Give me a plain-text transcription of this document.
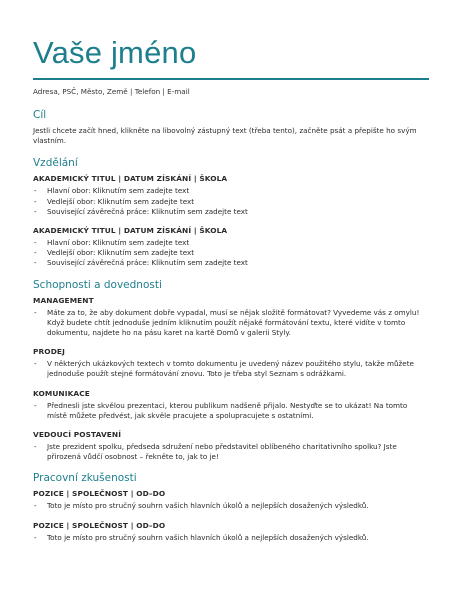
Vaše jméno
Adresa, PSČ, Město, Země | Telefon | E-mail
Cíl

Jestli chcete začít hned, klikněte na libovolný zástupný text (třeba tento), začněte psát a přepište ho svým vlastním.

Vzdělání
AKADEMICKÝ TITUL | DATUM ZÍSKÁNÍ | ŠKOLA
- Hlavní obor: Kliknutím sem zadejte text
- Vedlejší obor: Kliknutím sem zadejte text
- Související závěrečná práce: Kliknutím sem zadejte text
AKADEMICKÝ TITUL | DATUM ZÍSKÁNÍ | ŠKOLA
- Hlavní obor: Kliknutím sem zadejte text
- Vedlejší obor: Kliknutím sem zadejte text
- Související závěrečná práce: Kliknutím sem zadejte text
Schopnosti a dovednosti
MANAGEMENT
- Máte za to, že aby dokument dobře vypadal, musí se nějak složitě formátovat? Vyvedeme vás z omylu! Když budete chtít jednoduše jedním kliknutím použít nějaké formátování textu, které vidíte v tomto dokumentu, najdete ho na pásu karet na kartě Domů v galerii Styly.
PRODEJ
- V některých ukázkových textech v tomto dokumentu je uvedený název použitého stylu, takže můžete jednoduše použít stejné formátování znovu. Toto je třeba styl Seznam s odrážkami.
KOMUNIKACE
- Přednesli jste skvělou prezentaci, kterou publikum nadšeně přijalo. Nestyďte se to ukázat! Na tomto místě můžete předvést, jak skvěle pracujete a spolupracujete s ostatními.
VEDOUCÍ POSTAVENÍ
- Jste prezident spolku, předseda sdružení nebo představitel oblíbeného charitativního spolku? Jste přirozená vůdčí osobnost – řekněte to, jak to je!
Pracovní zkušenosti
POZICE | SPOLEČNOST | OD–DO
- Toto je místo pro stručný souhrn vašich hlavních úkolů a nejlepších dosažených výsledků.
POZICE | SPOLEČNOST | OD–DO
- Toto je místo pro stručný souhrn vašich hlavních úkolů a nejlepších dosažených výsledků.
